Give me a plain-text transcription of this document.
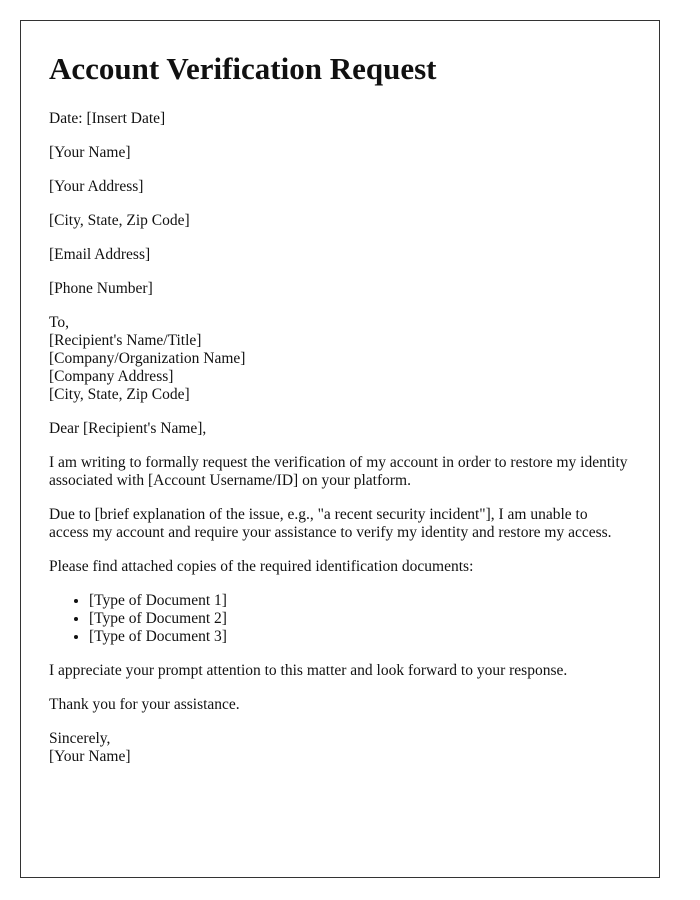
Account Verification Request

Date: [Insert Date]

[Your Name]

[Your Address]

[City, State, Zip Code]

[Email Address]

[Phone Number]

To,
[Recipient's Name/Title]
[Company/Organization Name]
[Company Address]
[City, State, Zip Code]

Dear [Recipient's Name],

I am writing to formally request the verification of my account in order to restore my identity associated with [Account Username/ID] on your platform.

Due to [brief explanation of the issue, e.g., "a recent security incident"], I am unable to access my account and require your assistance to verify my identity and restore my access.

Please find attached copies of the required identification documents:

• [Type of Document 1]
• [Type of Document 2]
• [Type of Document 3]

I appreciate your prompt attention to this matter and look forward to your response.

Thank you for your assistance.

Sincerely,
[Your Name]
